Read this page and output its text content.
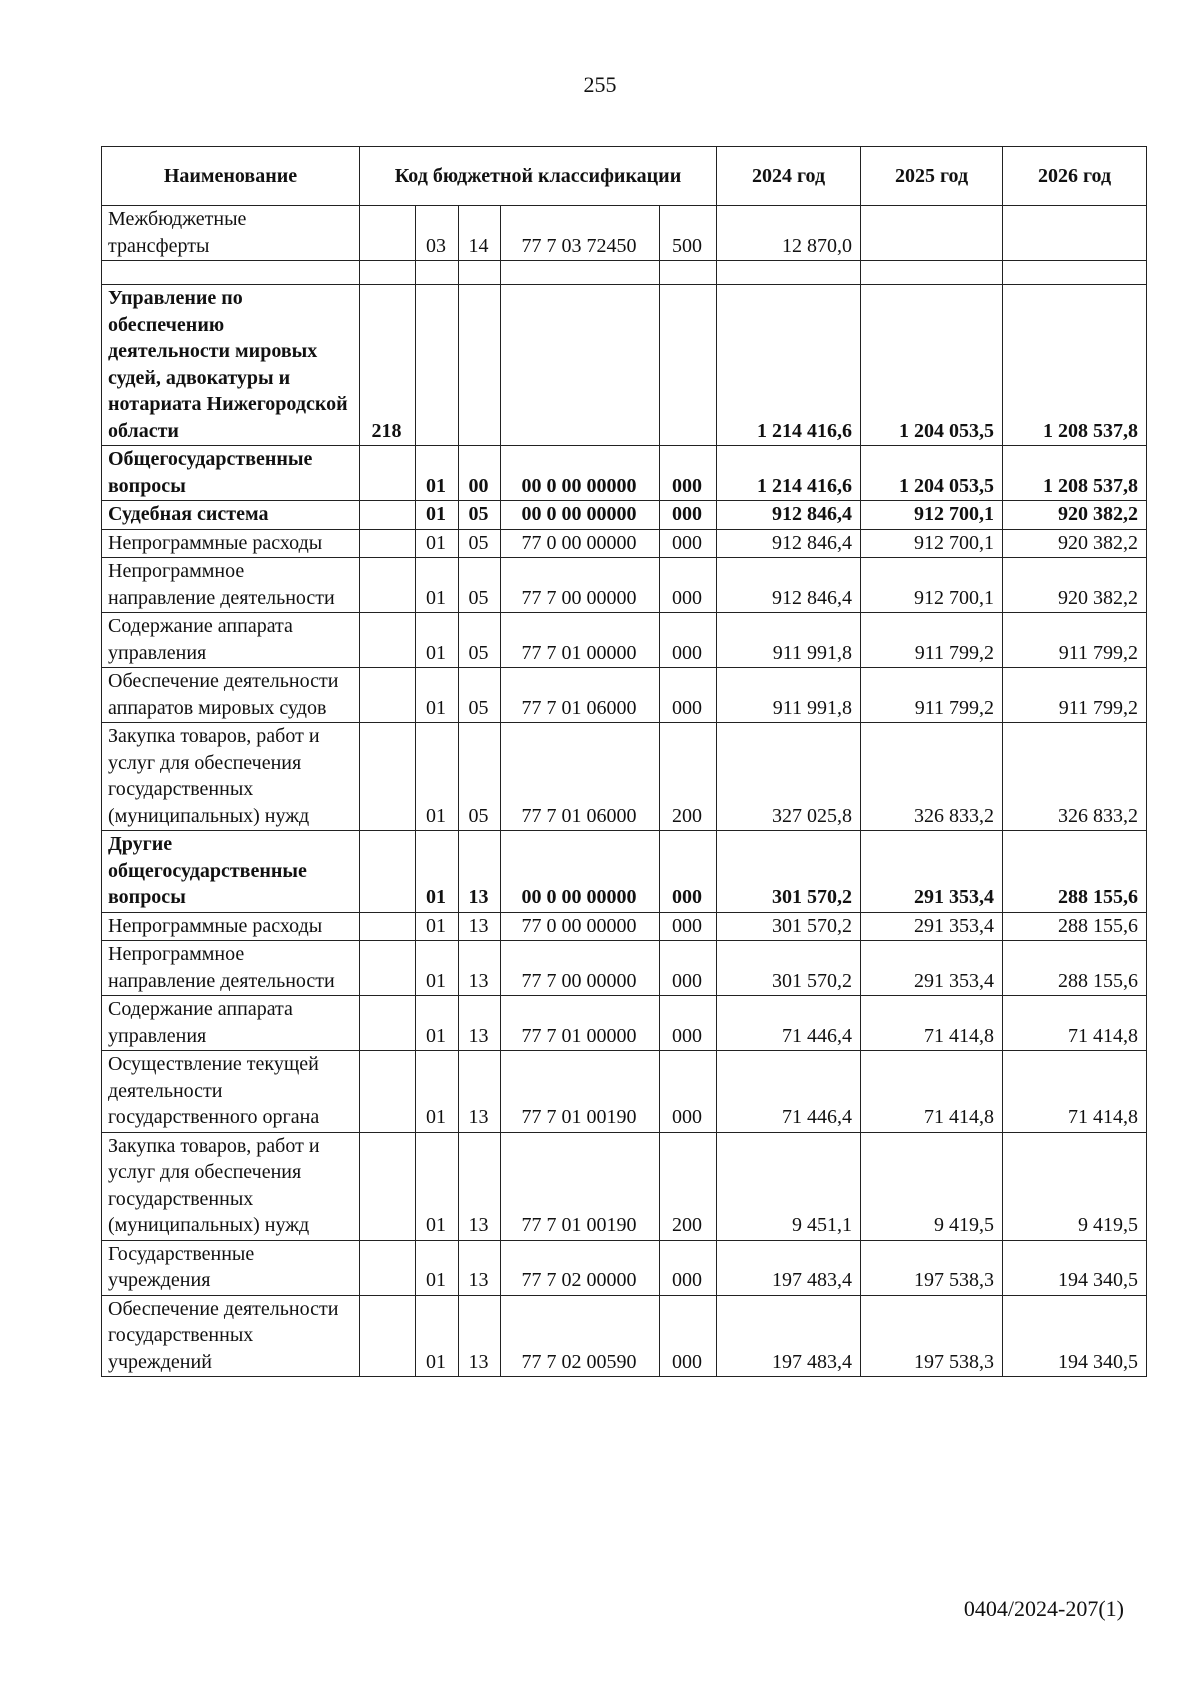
255
Наименование	Код бюджетной классификации					2024 год	2025 год	2026 год
Межбюджетные трансферты		03	14	77 7 03 72450	500	12 870,0		

Управление по обеспечению деятельности мировых судей, адвокатуры и нотариата Нижегородской области	218					1 214 416,6	1 204 053,5	1 208 537,8
Общегосударственные вопросы		01	00	00 0 00 00000	000	1 214 416,6	1 204 053,5	1 208 537,8
Судебная система		01	05	00 0 00 00000	000	912 846,4	912 700,1	920 382,2
Непрограммные расходы		01	05	77 0 00 00000	000	912 846,4	912 700,1	920 382,2
Непрограммное направление деятельности		01	05	77 7 00 00000	000	912 846,4	912 700,1	920 382,2
Содержание аппарата управления		01	05	77 7 01 00000	000	911 991,8	911 799,2	911 799,2
Обеспечение деятельности аппаратов мировых судов		01	05	77 7 01 06000	000	911 991,8	911 799,2	911 799,2
Закупка товаров, работ и услуг для обеспечения государственных (муниципальных) нужд		01	05	77 7 01 06000	200	327 025,8	326 833,2	326 833,2
Другие общегосударственные вопросы		01	13	00 0 00 00000	000	301 570,2	291 353,4	288 155,6
Непрограммные расходы		01	13	77 0 00 00000	000	301 570,2	291 353,4	288 155,6
Непрограммное направление деятельности		01	13	77 7 00 00000	000	301 570,2	291 353,4	288 155,6
Содержание аппарата управления		01	13	77 7 01 00000	000	71 446,4	71 414,8	71 414,8
Осуществление текущей деятельности государственного органа		01	13	77 7 01 00190	000	71 446,4	71 414,8	71 414,8
Закупка товаров, работ и услуг для обеспечения государственных (муниципальных) нужд		01	13	77 7 01 00190	200	9 451,1	9 419,5	9 419,5
Государственные учреждения		01	13	77 7 02 00000	000	197 483,4	197 538,3	194 340,5
Обеспечение деятельности государственных учреждений		01	13	77 7 02 00590	000	197 483,4	197 538,3	194 340,5
0404/2024-207(1)
